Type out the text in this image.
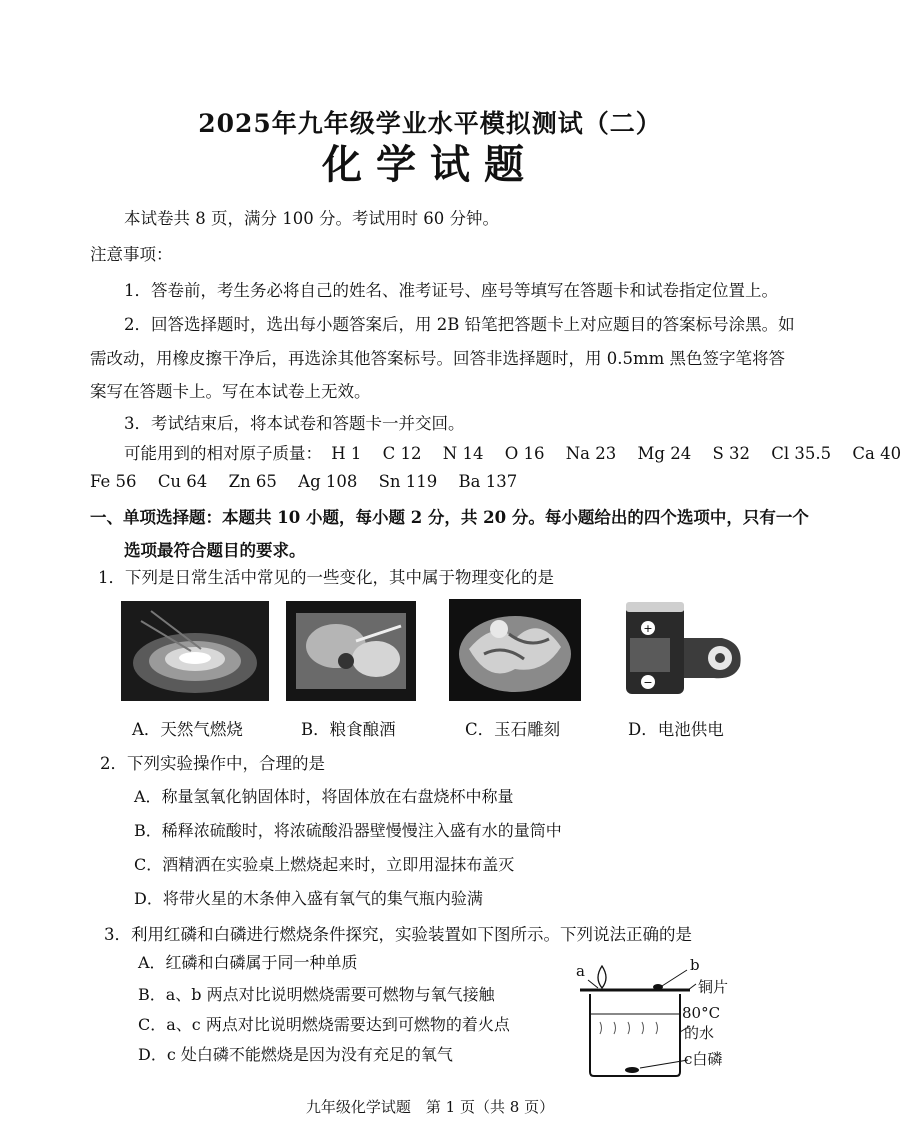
2025年九年级学业水平模拟测试（二）
化学试题
本试卷共 8 页，满分 100 分。考试用时 60 分钟。
注意事项：
1．答卷前，考生务必将自己的姓名、准考证号、座号等填写在答题卡和试卷指定位置上。
2．回答选择题时，选出每小题答案后，用 2B 铅笔把答题卡上对应题目的答案标号涂黑。如
需改动，用橡皮擦干净后，再选涂其他答案标号。回答非选择题时，用 0.5mm 黑色签字笔将答
案写在答题卡上。写在本试卷上无效。
3．考试结束后，将本试卷和答题卡一并交回。
可能用到的相对原子质量： H 1 C 12 N 14 O 16 Na 23 Mg 24 S 32 Cl 35.5 Ca 40
Fe 56 Cu 64 Zn 65 Ag 108 Sn 119 Ba 137
一、单项选择题：本题共 10 小题，每小题 2 分，共 20 分。每小题给出的四个选项中，只有一个
选项最符合题目的要求。
1．下列是日常生活中常见的一些变化，其中属于物理变化的是
+
−
A．天然气燃烧	B．粮食酿酒	C．玉石雕刻	D．电池供电
2．下列实验操作中，合理的是
A．称量氢氧化钠固体时，将固体放在右盘烧杯中称量
B．稀释浓硫酸时，将浓硫酸沿器壁慢慢注入盛有水的量筒中
C．酒精洒在实验桌上燃烧起来时，立即用湿抹布盖灭
D．将带火星的木条伸入盛有氧气的集气瓶内验满
3．利用红磷和白磷进行燃烧条件探究，实验装置如下图所示。下列说法正确的是
A．红磷和白磷属于同一种单质
B．a、b 两点对比说明燃烧需要可燃物与氧气接触
C．a、c 两点对比说明燃烧需要达到可燃物的着火点
D．c 处白磷不能燃烧是因为没有充足的氧气
a	b
铜片
80°C
的水
c白磷
九年级化学试题　第 1 页（共 8 页）
